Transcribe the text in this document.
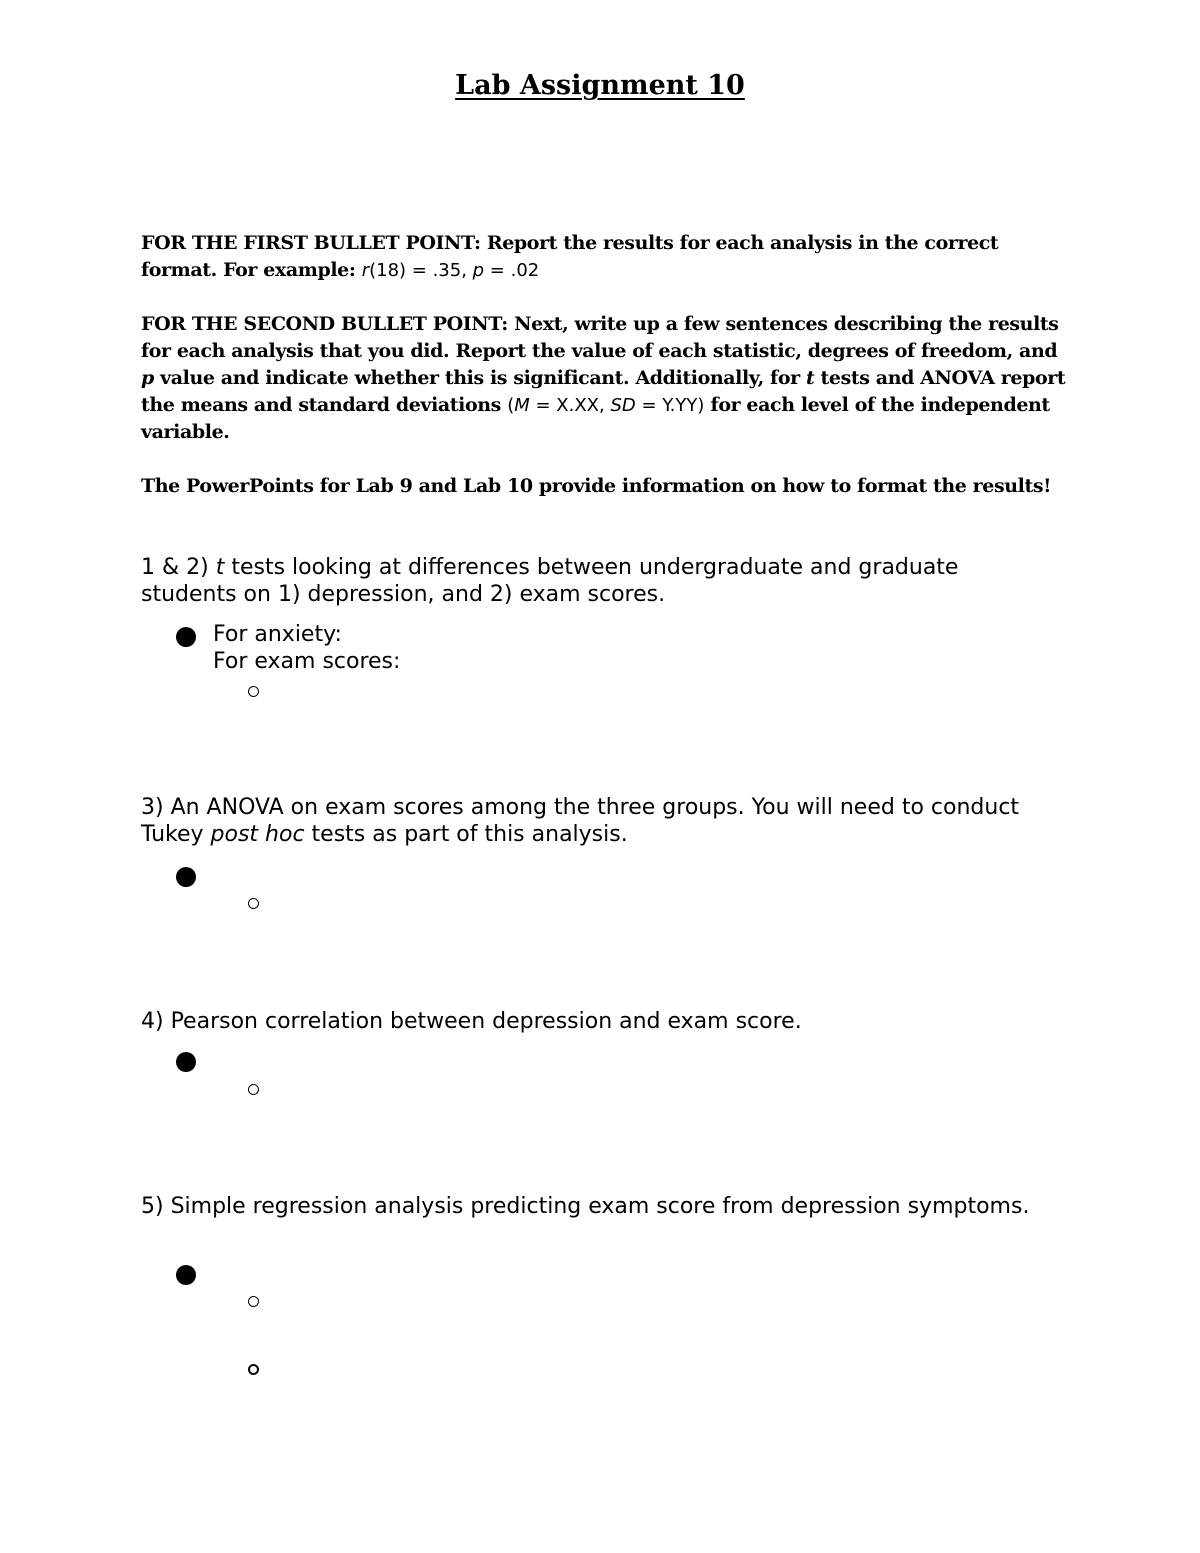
Lab Assignment 10

FOR THE FIRST BULLET POINT: Report the results for each analysis in the correct format. For example: r(18) = .35, p = .02

FOR THE SECOND BULLET POINT: Next, write up a few sentences describing the results for each analysis that you did. Report the value of each statistic, degrees of freedom, and p value and indicate whether this is significant. Additionally, for t tests and ANOVA report the means and standard deviations (M = X.XX, SD = Y.YY) for each level of the independent variable.

The PowerPoints for Lab 9 and Lab 10 provide information on how to format the results!

1 & 2) t tests looking at differences between undergraduate and graduate students on 1) depression, and 2) exam scores.

For anxiety:

For exam scores:

3) An ANOVA on exam scores among the three groups. You will need to conduct Tukey post hoc tests as part of this analysis.

4) Pearson correlation between depression and exam score.

5) Simple regression analysis predicting exam score from depression symptoms.
